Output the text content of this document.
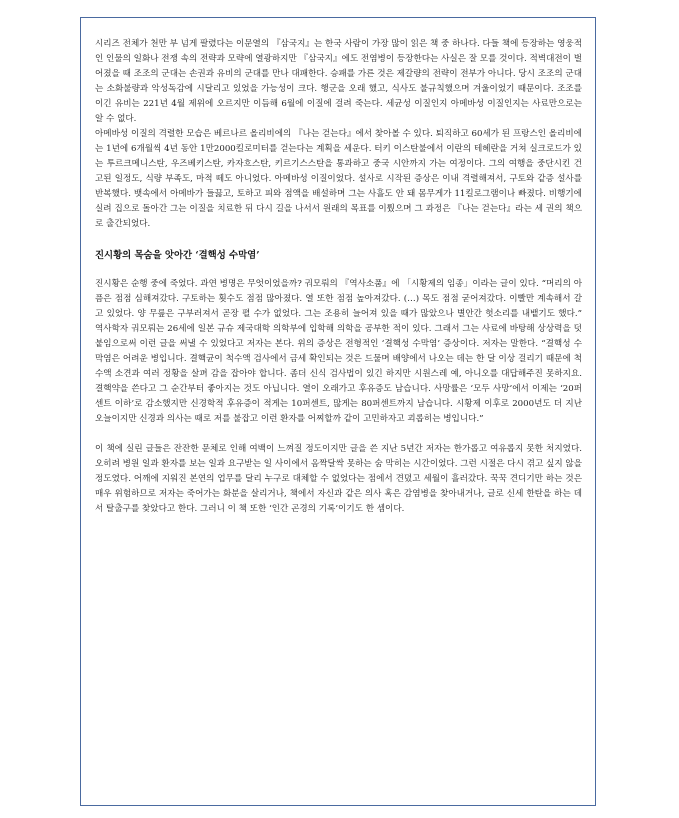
시리즈 전체가 천만 부 넘게 팔렸다는 이문열의 『삼국지』는 한국 사람이 가장 많이 읽은 책 중 하나다. 다들 책에 등장하는 영웅적인 인물의 일화나 전쟁 속의 전략과 모략에 열광하지만 『삼국지』에도 전염병이 등장한다는 사실은 잘 모를 것이다. 적벽대전이 벌어졌을 때 조조의 군대는 손권과 유비의 군대를 만나 대패한다. 승패를 가른 것은 제갈량의 전략이 전부가 아니다. 당시 조조의 군대는 소화불량과 악성독감에 시달리고 있었을 가능성이 크다. 행군을 오래 했고, 식사도 불규칙했으며 겨울이었기 때문이다. 조조를 이긴 유비는 221년 4월 제위에 오르지만 이듬해 6월에 이질에 걸려 죽는다. 세균성 이질인지 아메바성 이질인지는 사료만으로는 알 수 없다.

아메바성 이질의 격렬한 모습은 베르나르 올리비에의 『나는 걷는다』에서 찾아볼 수 있다. 퇴직하고 60세가 된 프랑스인 올리비에는 1년에 6개월씩 4년 동안 1만2000킬로미터를 걷는다는 계획을 세운다. 터키 이스탄불에서 이란의 테헤란을 거쳐 실크로드가 있는 투르크메니스탄, 우즈베키스탄, 카자흐스탄, 키르기스스탄을 통과하고 중국 시안까지 가는 여정이다. 그의 여행을 중단시킨 건 고된 일정도, 식량 부족도, 마적 떼도 아니었다. 아메바성 이질이었다. 설사로 시작된 증상은 이내 격렬해져서, 구토와 같증 설사를 반복했다. 뱃속에서 아메바가 들끓고, 토하고 피와 점액을 배설하며 그는 사흘도 안 돼 몸무게가 11킬로그램이나 빠졌다. 비행기에 실려 집으로 돌아간 그는 이질을 치료한 뒤 다시 길을 나서서 원래의 목표를 이뤘으며 그 과정은 『나는 걷는다』라는 세 권의 책으로 출간되었다.

진시황의 목숨을 앗아간 ‘결핵성 수막염’

진시황은 순행 중에 죽었다. 과연 병명은 무엇이었을까? 궈모뤄의 『역사소품』에 「시황제의 임종」이라는 글이 있다. “머리의 아픔은 점점 심해져갔다. 구토하는 횟수도 점점 많아졌다. 열 또한 점점 높아져갔다. (…) 목도 점점 굳어져갔다. 이빨만 계속해서 갈고 있었다. 양 무릎은 구부러져서 곧장 펼 수가 없었다. 그는 조용히 늘어져 있을 때가 많았으나 별안간 헛소리를 내뱉기도 했다.” 역사학자 궈모뤄는 26세에 일본 규슈 제국대학 의학부에 입학해 의학을 공부한 적이 있다. 그래서 그는 사료에 바탕해 상상력을 덧붙임으로써 이런 글을 써낼 수 있었다고 저자는 본다. 위의 증상은 전형적인 ‘결핵성 수막염’ 증상이다. 저자는 말한다. “결핵성 수막염은 어려운 병입니다. 결핵균이 척수액 검사에서 금세 확인되는 것은 드물며 배양에서 나오는 데는 한 달 이상 걸리기 때문에 척수액 소견과 여러 정황을 살펴 감을 잡아야 합니다. 좀더 신식 검사법이 있긴 하지만 시원스레 예, 아니오를 대답해주진 못하지요. 결핵약을 쓴다고 그 순간부터 좋아지는 것도 아닙니다. 열이 오래가고 후유증도 남습니다. 사망률은 ‘모두 사망’에서 이제는 ‘20퍼센트 이하’로 감소했지만 신경학적 후유증이 적게는 10퍼센트, 많게는 80퍼센트까지 남습니다. 시황제 이후로 2000년도 더 지난 오늘이지만 신경과 의사는 때로 저를 불잡고 이런 환자를 어찌할까 같이 고민하자고 괴롭히는 병입니다.”

이 책에 실린 글들은 잔잔한 문체로 인해 여백이 느껴질 정도이지만 글을 쓴 지난 5년간 저자는 한가롭고 여유롭지 못한 처지였다. 오히려 병원 일과 환자를 보는 일과 요구받는 일 사이에서 옴짝달싹 못하는 숨 막히는 시간이었다. 그런 시절은 다시 겪고 싶지 않을 정도였다. 어깨에 지워진 본연의 업무를 달리 누구로 대체할 수 없었다는 점에서 견뎠고 세월이 흘러갔다. 꾹꾹 견디기만 하는 것은 매우 위험하므로 저자는 죽어가는 화분을 살리거나, 책에서 자신과 같은 의사 혹은 감염병을 찾아내거나, 글로 신세 한탄을 하는 데서 탈출구를 찾았다고 한다. 그러니 이 책 또한 ‘인간 곤경의 기록’이기도 한 셈이다.
